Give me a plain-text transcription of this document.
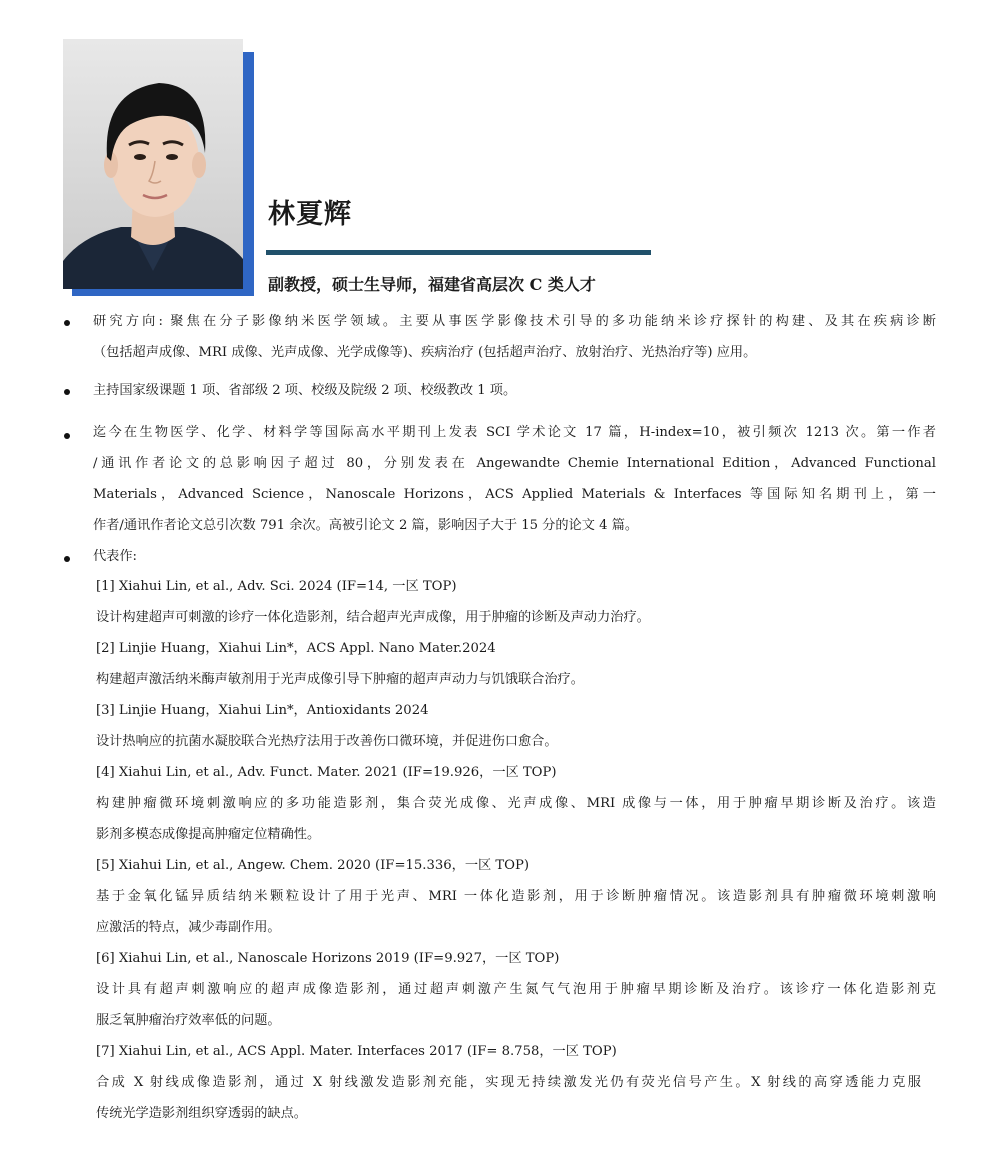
林夏辉
副教授，硕士生导师，福建省高层次 C 类人才
研究方向: 聚焦在分子影像纳米医学领域。主要从事医学影像技术引导的多功能纳米诊疗探针的构建、及其在疾病诊断
（包括超声成像、MRI 成像、光声成像、光学成像等)、疾病治疗 (包括超声治疗、放射治疗、光热治疗等) 应用。
主持国家级课题 1 项、省部级 2 项、校级及院级 2 项、校级教改 1 项。
迄今在生物医学、化学、材料学等国际高水平期刊上发表 SCI 学术论文 17 篇，H-index=10，被引频次 1213 次。第一作者
/通讯作者论文的总影响因子超过 80，分别发表在 Angewandte Chemie International Edition，Advanced Functional
Materials，Advanced Science，Nanoscale Horizons，ACS Applied Materials & Interfaces 等国际知名期刊上，第一
作者/通讯作者论文总引次数 791 余次。高被引论文 2 篇，影响因子大于 15 分的论文 4 篇。
代表作:
[1] Xiahui Lin, et al., Adv. Sci. 2024 (IF=14, 一区 TOP)
设计构建超声可刺激的诊疗一体化造影剂，结合超声光声成像，用于肿瘤的诊断及声动力治疗。
[2] Linjie Huang，Xiahui Lin*，ACS Appl. Nano Mater.2024
构建超声激活纳米酶声敏剂用于光声成像引导下肿瘤的超声声动力与饥饿联合治疗。
[3] Linjie Huang，Xiahui Lin*，Antioxidants 2024
设计热响应的抗菌水凝胶联合光热疗法用于改善伤口微环境，并促进伤口愈合。
[4] Xiahui Lin, et al., Adv. Funct. Mater. 2021 (IF=19.926，一区 TOP)
构建肿瘤微环境刺激响应的多功能造影剂，集合荧光成像、光声成像、MRI 成像与一体，用于肿瘤早期诊断及治疗。该造
影剂多模态成像提高肿瘤定位精确性。
[5] Xiahui Lin, et al., Angew. Chem. 2020 (IF=15.336，一区 TOP)
基于金氧化锰异质结纳米颗粒设计了用于光声、MRI 一体化造影剂，用于诊断肿瘤情况。该造影剂具有肿瘤微环境刺激响
应激活的特点，减少毒副作用。
[6] Xiahui Lin, et al., Nanoscale Horizons 2019 (IF=9.927，一区 TOP)
设计具有超声刺激响应的超声成像造影剂，通过超声刺激产生氮气气泡用于肿瘤早期诊断及治疗。该诊疗一体化造影剂克
服乏氧肿瘤治疗效率低的问题。
[7] Xiahui Lin, et al., ACS Appl. Mater. Interfaces 2017 (IF= 8.758，一区 TOP)
合成 X 射线成像造影剂，通过 X 射线激发造影剂充能，实现无持续激发光仍有荧光信号产生。X 射线的高穿透能力克服
传统光学造影剂组织穿透弱的缺点。
